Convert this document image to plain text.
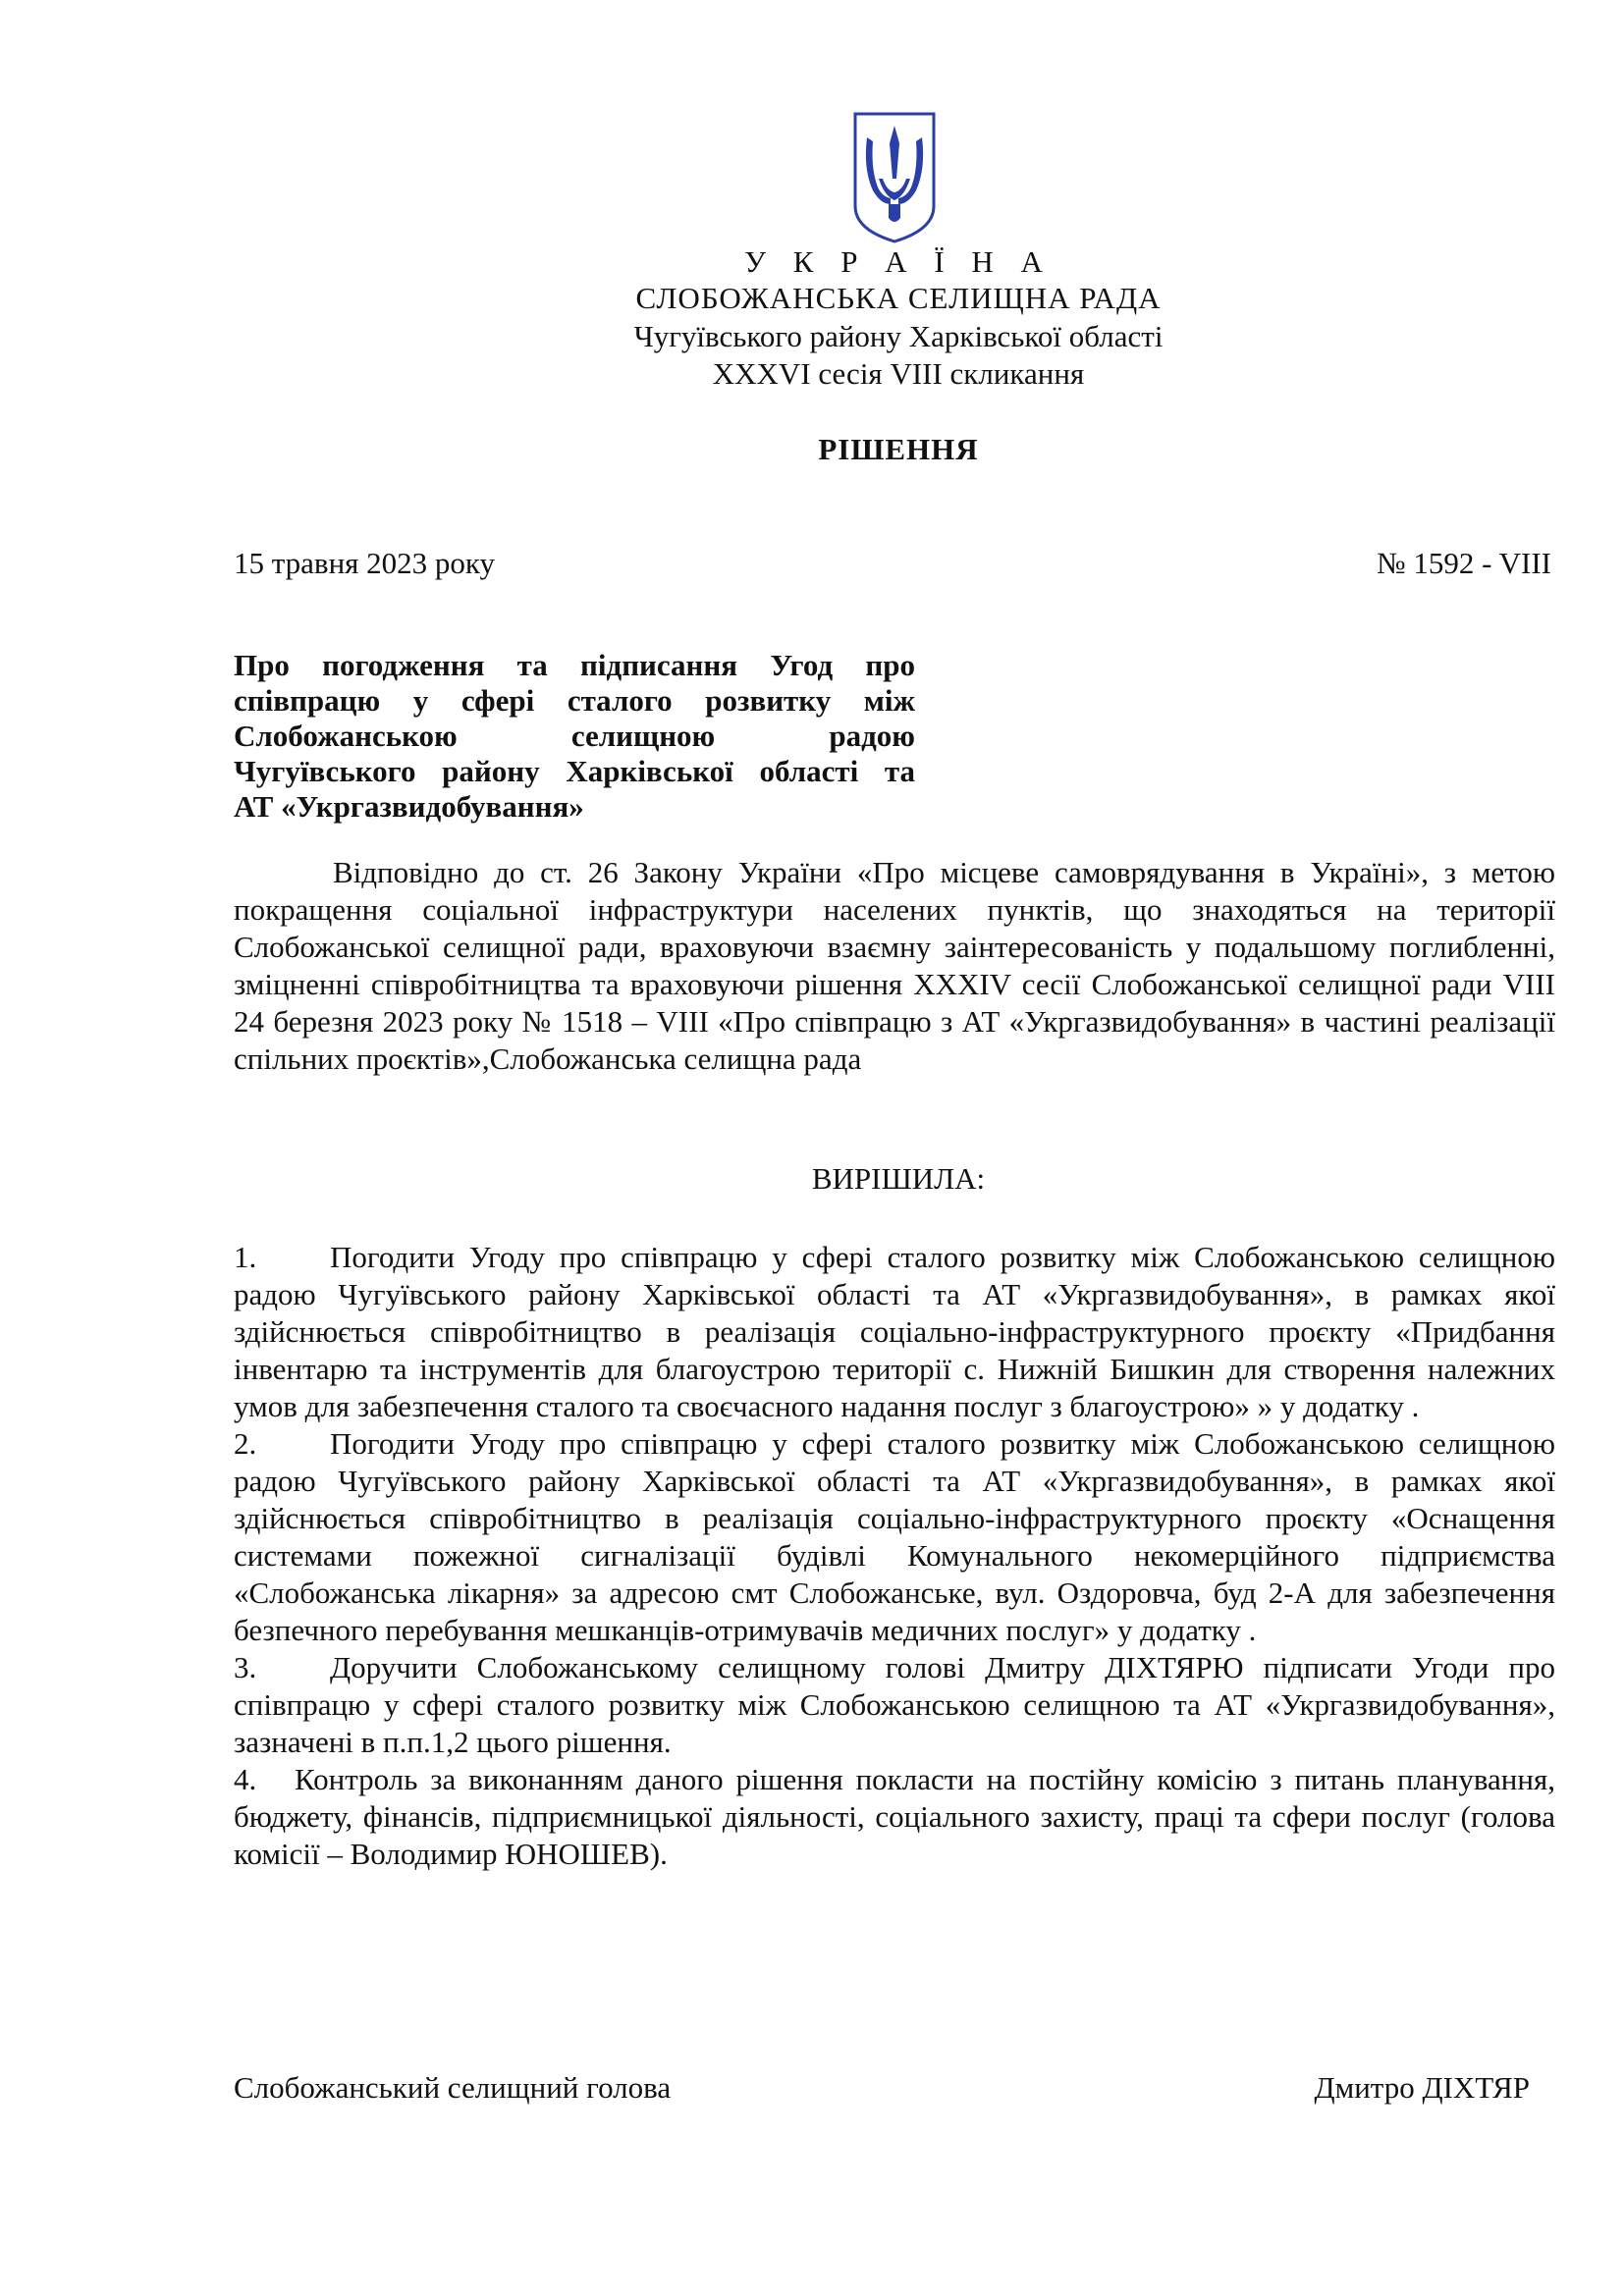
У К Р А Ї Н А
СЛОБОЖАНСЬКА СЕЛИЩНА РАДА
Чугуївського району Харківської області
XXXVI сесія VIII скликання
РІШЕННЯ
15 травня 2023 року	№ 1592 - VIII
Про погодження та підписання Угод про
співпрацю у сфері сталого розвитку між
Слобожанською селищною радою
Чугуївського району Харківської області та
АТ «Укргазвидобування»

Відповідно до ст. 26 Закону України «Про місцеве самоврядування в Україні», з метою покращення соціальної інфраструктури населених пунктів, що знаходяться на території Слобожанської селищної ради, враховуючи взаємну заінтересованість у подальшому поглибленні, зміцненні співробітництва та враховуючи рішення XXXIV сесії Слобожанської селищної ради VIII 24 березня 2023 року № 1518 – VIII «Про співпрацю з АТ «Укргазвидобування» в частині реалізації спільних проєктів»,Слобожанська селищна рада

ВИРІШИЛА:

1. Погодити Угоду про співпрацю у сфері сталого розвитку між Слобожанською селищною радою Чугуївського району Харківської області та АТ «Укргазвидобування», в рамках якої здійснюється співробітництво в реалізація соціально-інфраструктурного проєкту «Придбання інвентарю та інструментів для благоустрою території с. Нижній Бишкин для створення належних умов для забезпечення сталого та своєчасного надання послуг з благоустрою» » у додатку .

2. Погодити Угоду про співпрацю у сфері сталого розвитку між Слобожанською селищною радою Чугуївського району Харківської області та АТ «Укргазвидобування», в рамках якої здійснюється співробітництво в реалізація соціально-інфраструктурного проєкту «Оснащення системами пожежної сигналізації будівлі Комунального некомерційного підприємства «Слобожанська лікарня» за адресою смт Слобожанське, вул. Оздоровча, буд 2-А для забезпечення безпечного перебування мешканців-отримувачів медичних послуг» у додатку .

3. Доручити Слобожанському селищному голові Дмитру ДІХТЯРЮ підписати Угоди про співпрацю у сфері сталого розвитку між Слобожанською селищною та АТ «Укргазвидобування», зазначені в п.п.1,2 цього рішення.

4. Контроль за виконанням даного рішення покласти на постійну комісію з питань планування, бюджету, фінансів, підприємницької діяльності, соціального захисту, праці та сфери послуг (голова комісії – Володимир ЮНОШЕВ).

Слобожанський селищний голова	Дмитро ДІХТЯР
